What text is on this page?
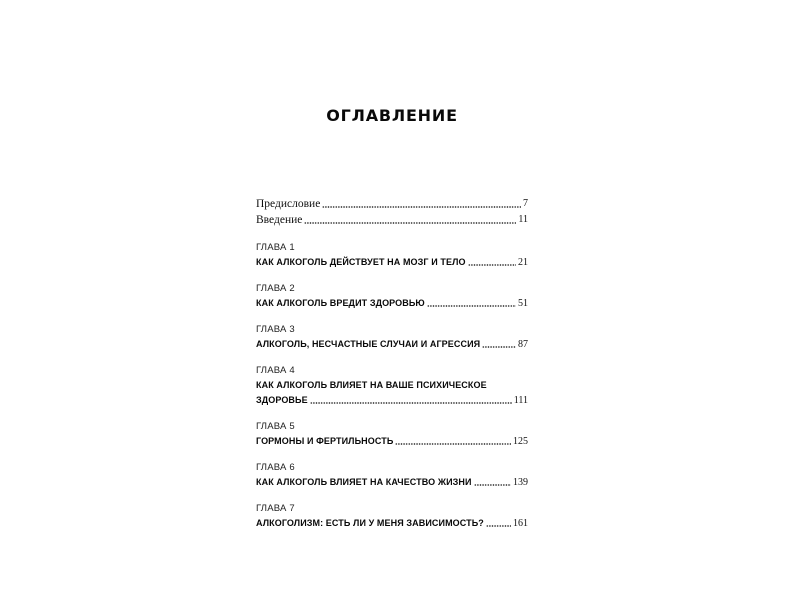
ОГЛАВЛЕНИЕ
Предисловие	7
Введение	11
ГЛАВА 1
КАК АЛКОГОЛЬ ДЕЙСТВУЕТ НА МОЗГ И ТЕЛО	21
ГЛАВА 2
КАК АЛКОГОЛЬ ВРЕДИТ ЗДОРОВЬЮ	51
ГЛАВА 3
АЛКОГОЛЬ, НЕСЧАСТНЫЕ СЛУЧАИ И АГРЕССИЯ	87
ГЛАВА 4
КАК АЛКОГОЛЬ ВЛИЯЕТ НА ВАШЕ ПСИХИЧЕСКОЕ
ЗДОРОВЬЕ	111
ГЛАВА 5
ГОРМОНЫ И ФЕРТИЛЬНОСТЬ	125
ГЛАВА 6
КАК АЛКОГОЛЬ ВЛИЯЕТ НА КАЧЕСТВО ЖИЗНИ	139
ГЛАВА 7
АЛКОГОЛИЗМ: ЕСТЬ ЛИ У МЕНЯ ЗАВИСИМОСТЬ?	161
